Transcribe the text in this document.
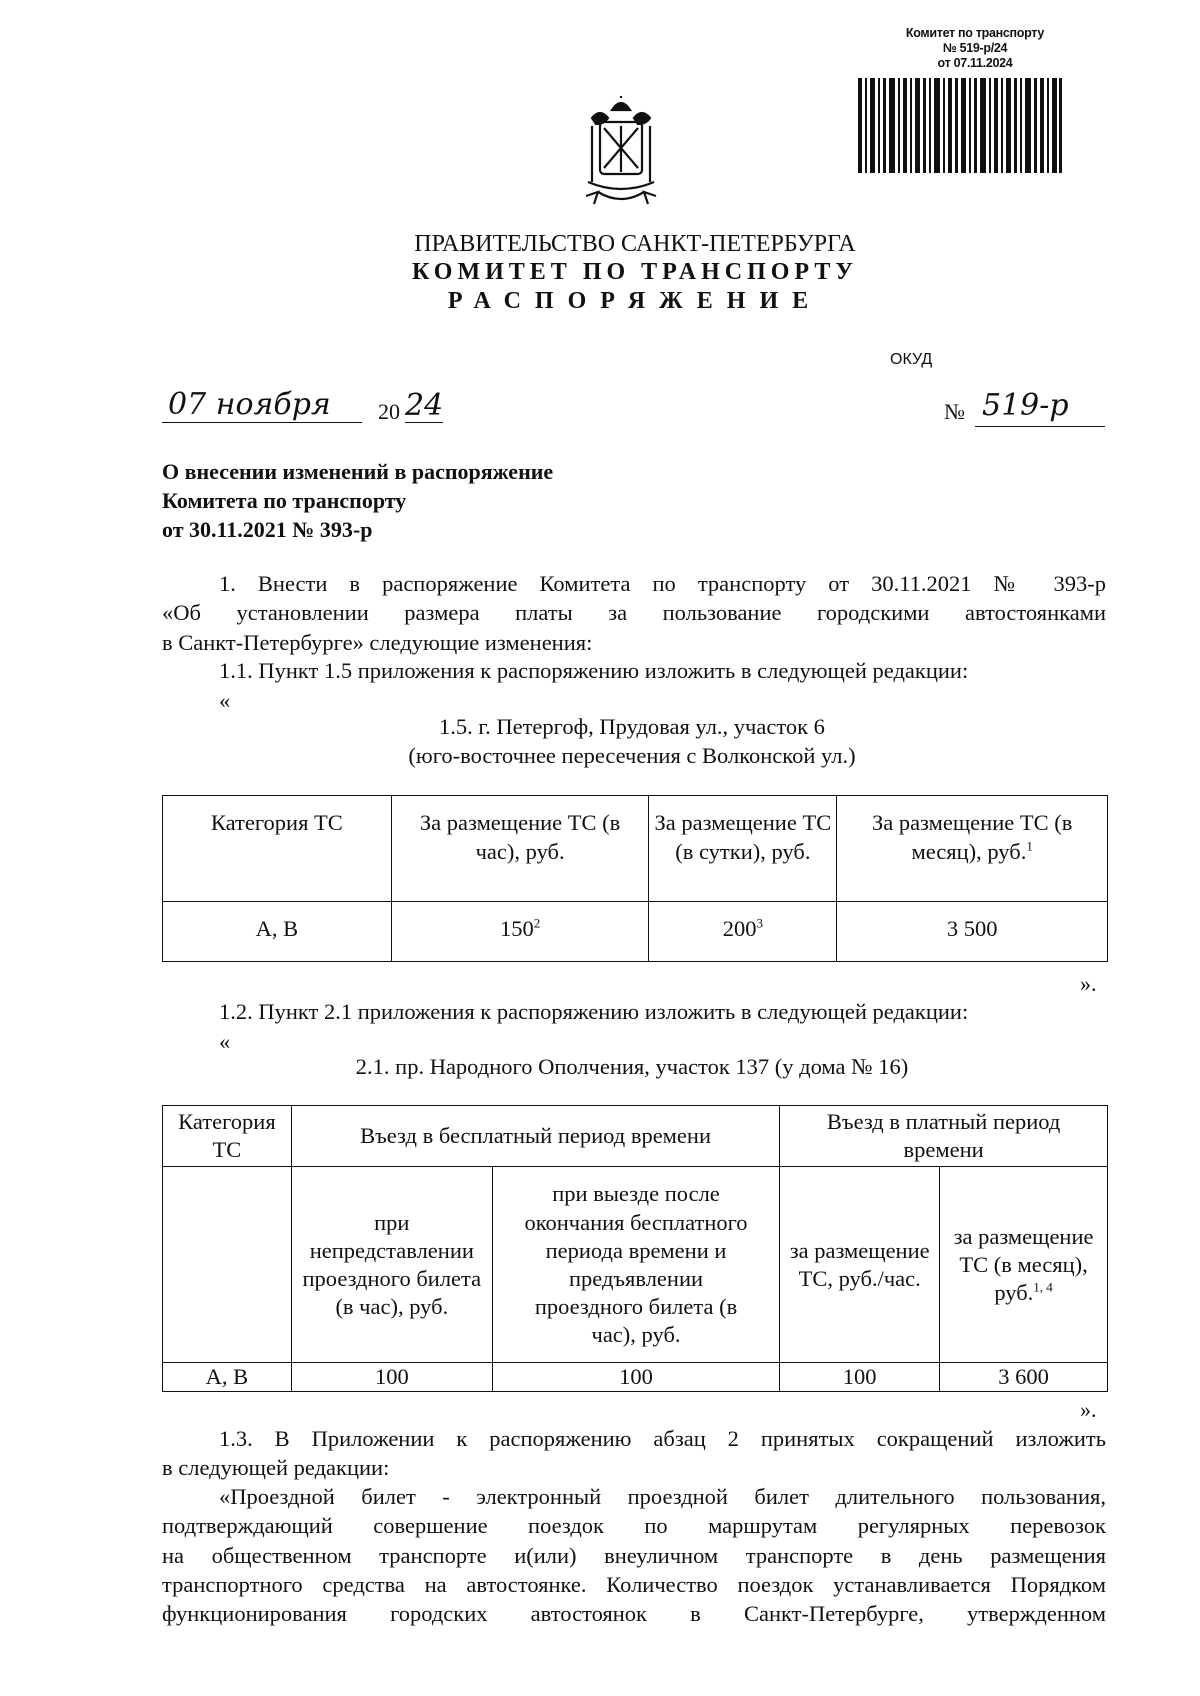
Комитет по транспорту
№ 519-р/24
от 07.11.2024
ПРАВИТЕЛЬСТВО САНКТ-ПЕТЕРБУРГА
КОМИТЕТ ПО ТРАНСПОРТУ
РАСПОРЯЖЕНИЕ
ОКУД
07 ноября 20 24	№ 519-р
О внесении изменений в распоряжение
Комитета по транспорту
от 30.11.2021 № 393-р
1. Внести в распоряжение Комитета по транспорту от 30.11.2021 № 393-р
«Об установлении размера платы за пользование городскими автостоянками
в Санкт-Петербурге» следующие изменения:
1.1. Пункт 1.5 приложения к распоряжению изложить в следующей редакции:
«
1.5. г. Петергоф, Прудовая ул., участок 6
(юго-восточнее пересечения с Волконской ул.)
Категория ТС	За размещение ТС (в час), руб.	За размещение ТС (в сутки), руб.	За размещение ТС (в месяц), руб.$^1$
А, В	$150^2$	$200^3$	3 500
».
1.2. Пункт 2.1 приложения к распоряжению изложить в следующей редакции:
«
2.1. пр. Народного Ополчения, участок 137 (у дома № 16)
Категория ТС	Въезд в бесплатный период времени		Въезд в платный период времени	
	при непредставлении проездного билета (в час), руб.	при выезде после окончания бесплатного периода времени и предъявлении проездного билета (в час), руб.	за размещение ТС, руб./час.	за размещение ТС (в месяц), руб.$^{1, 4}$
А, В	100	100	100	3 600
».
1.3. В Приложении к распоряжению абзац 2 принятых сокращений изложить
в следующей редакции:
«Проездной билет - электронный проездной билет длительного пользования,
подтверждающий совершение поездок по маршрутам регулярных перевозок
на общественном транспорте и(или) внеуличном транспорте в день размещения
транспортного средства на автостоянке. Количество поездок устанавливается Порядком
функционирования городских автостоянок в Санкт-Петербурге, утвержденном
